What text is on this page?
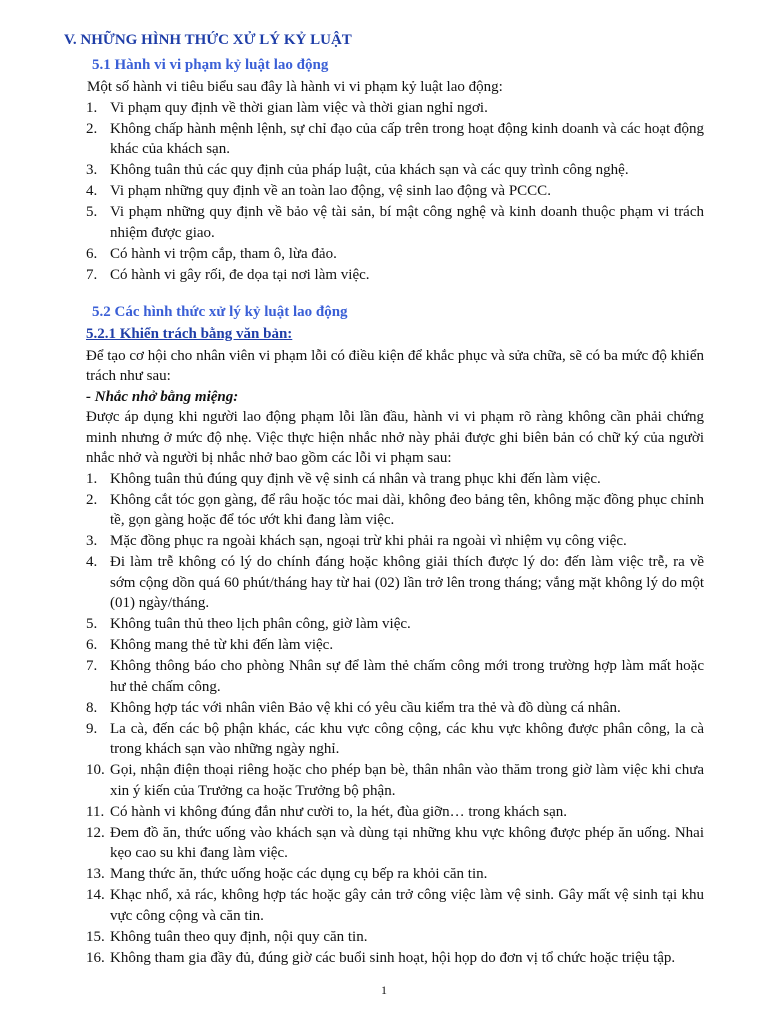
V. NHỮNG HÌNH THỨC XỬ LÝ KỶ LUẬT
5.1 Hành vi vi phạm kỷ luật lao động
Một số hành vi tiêu biểu sau đây là hành vi vi phạm kỷ luật lao động:
1. Vi phạm quy định về thời gian làm việc và thời gian nghỉ ngơi.
2. Không chấp hành mệnh lệnh, sự chỉ đạo của cấp trên trong hoạt động kinh doanh và các hoạt động khác của khách sạn.
3. Không tuân thủ các quy định của pháp luật, của khách sạn và các quy trình công nghệ.
4. Vi phạm những quy định về an toàn lao động, vệ sinh lao động và PCCC.
5. Vi phạm những quy định về bảo vệ tài sản, bí mật công nghệ và kinh doanh thuộc phạm vi trách nhiệm được giao.
6. Có hành vi trộm cắp, tham ô, lừa đảo.
7. Có hành vi gây rối, đe dọa tại nơi làm việc.
5.2 Các hình thức xử lý kỷ luật lao động
5.2.1 Khiển trách bằng văn bản:
Để tạo cơ hội cho nhân viên vi phạm lỗi có điều kiện để khắc phục và sửa chữa, sẽ có ba mức độ khiển trách như sau:
- Nhắc nhở bằng miệng:
Được áp dụng khi người lao động phạm lỗi lần đầu, hành vi vi phạm rõ ràng không cần phải chứng minh nhưng ở mức độ nhẹ. Việc thực hiện nhắc nhở này phải được ghi biên bản có chữ ký của người nhắc nhở và người bị nhắc nhở bao gồm các lỗi vi phạm sau:
1. Không tuân thủ đúng quy định về vệ sinh cá nhân và trang phục khi đến làm việc.
2. Không cắt tóc gọn gàng, để râu hoặc tóc mai dài, không đeo bảng tên, không mặc đồng phục chỉnh tề, gọn gàng hoặc để tóc ướt khi đang làm việc.
3. Mặc đồng phục ra ngoài khách sạn, ngoại trừ khi phải ra ngoài vì nhiệm vụ công việc.
4. Đi làm trễ không có lý do chính đáng hoặc không giải thích được lý do: đến làm việc trễ, ra về sớm cộng dồn quá 60 phút/tháng hay từ hai (02) lần trở lên trong tháng; vắng mặt không lý do một (01) ngày/tháng.
5. Không tuân thủ theo lịch phân công, giờ làm việc.
6. Không mang thẻ từ khi đến làm việc.
7. Không thông báo cho phòng Nhân sự để làm thẻ chấm công mới trong trường hợp làm mất hoặc hư thẻ chấm công.
8. Không hợp tác với nhân viên Bảo vệ khi có yêu cầu kiểm tra thẻ và đồ dùng cá nhân.
9. La cà, đến các bộ phận khác, các khu vực công cộng, các khu vực không được phân công, la cà trong khách sạn vào những ngày nghỉ.
10. Gọi, nhận điện thoại riêng hoặc cho phép bạn bè, thân nhân vào thăm trong giờ làm việc khi chưa xin ý kiến của Trưởng ca hoặc Trưởng bộ phận.
11. Có hành vi không đúng đắn như cười to, la hét, đùa giỡn… trong khách sạn.
12. Đem đồ ăn, thức uống vào khách sạn và dùng tại những khu vực không được phép ăn uống. Nhai kẹo cao su khi đang làm việc.
13. Mang thức ăn, thức uống hoặc các dụng cụ bếp ra khỏi căn tin.
14. Khạc nhổ, xả rác, không hợp tác hoặc gây cản trở công việc làm vệ sinh. Gây mất vệ sinh tại khu vực công cộng và căn tin.
15. Không tuân theo quy định, nội quy căn tin.
16. Không tham gia đầy đủ, đúng giờ các buổi sinh hoạt, hội họp do đơn vị tổ chức hoặc triệu tập.
1
